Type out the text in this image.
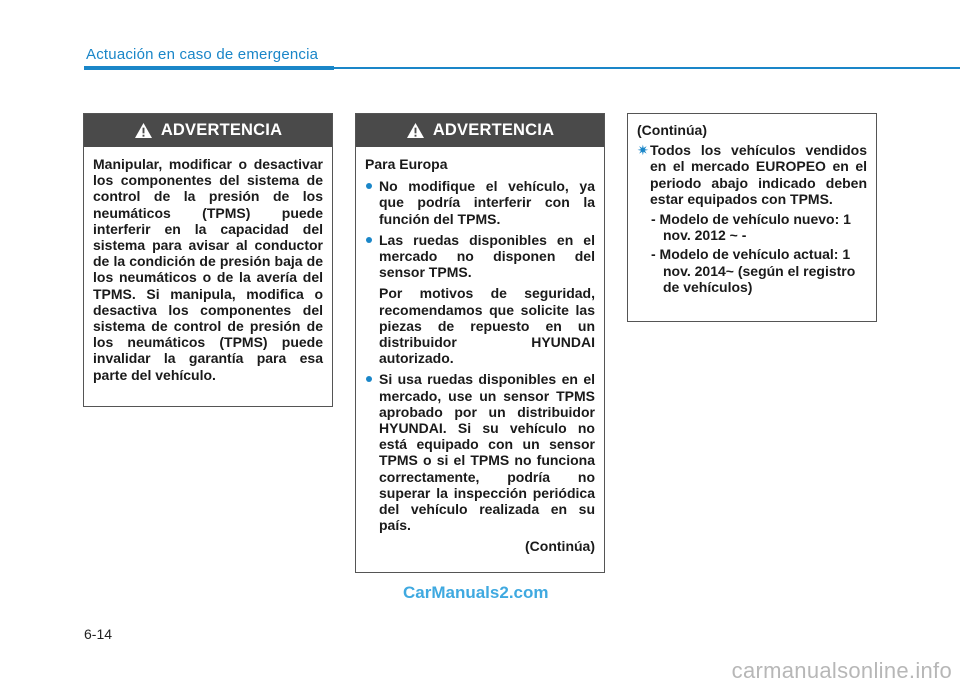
Actuación en caso de emergencia
ADVERTENCIA
Manipular, modificar o desactivar los componentes del sistema de control de la presión de los neumáticos (TPMS) puede interferir en la capacidad del sistema para avisar al conductor de la condición de presión baja de los neumáticos o de la avería del TPMS. Si manipula, modifica o desactiva los componentes del sistema de control de presión de los neumáticos (TPMS) puede invalidar la garantía para esa parte del vehículo.
ADVERTENCIA
Para Europa
No modifique el vehículo, ya que podría interferir con la función del TPMS.
Las ruedas disponibles en el mercado no disponen del sensor TPMS.
Por motivos de seguridad, recomendamos que solicite las piezas de repuesto en un distribuidor HYUNDAI autorizado.
Si usa ruedas disponibles en el mercado, use un sensor TPMS aprobado por un distribuidor HYUNDAI. Si su vehículo no está equipado con un sensor TPMS o si el TPMS no funciona correctamente, podría no superar la inspección periódica del vehículo realizada en su país.
(Continúa)
(Continúa)
✷ Todos los vehículos vendidos en el mercado EUROPEO en el periodo abajo indicado deben estar equipados con TPMS.
- Modelo de vehículo nuevo: 1 nov. 2012 ~ -
- Modelo de vehículo actual: 1 nov. 2014~ (según el registro de vehículos)
CarManuals2.com
6-14
carmanualsonline.info
